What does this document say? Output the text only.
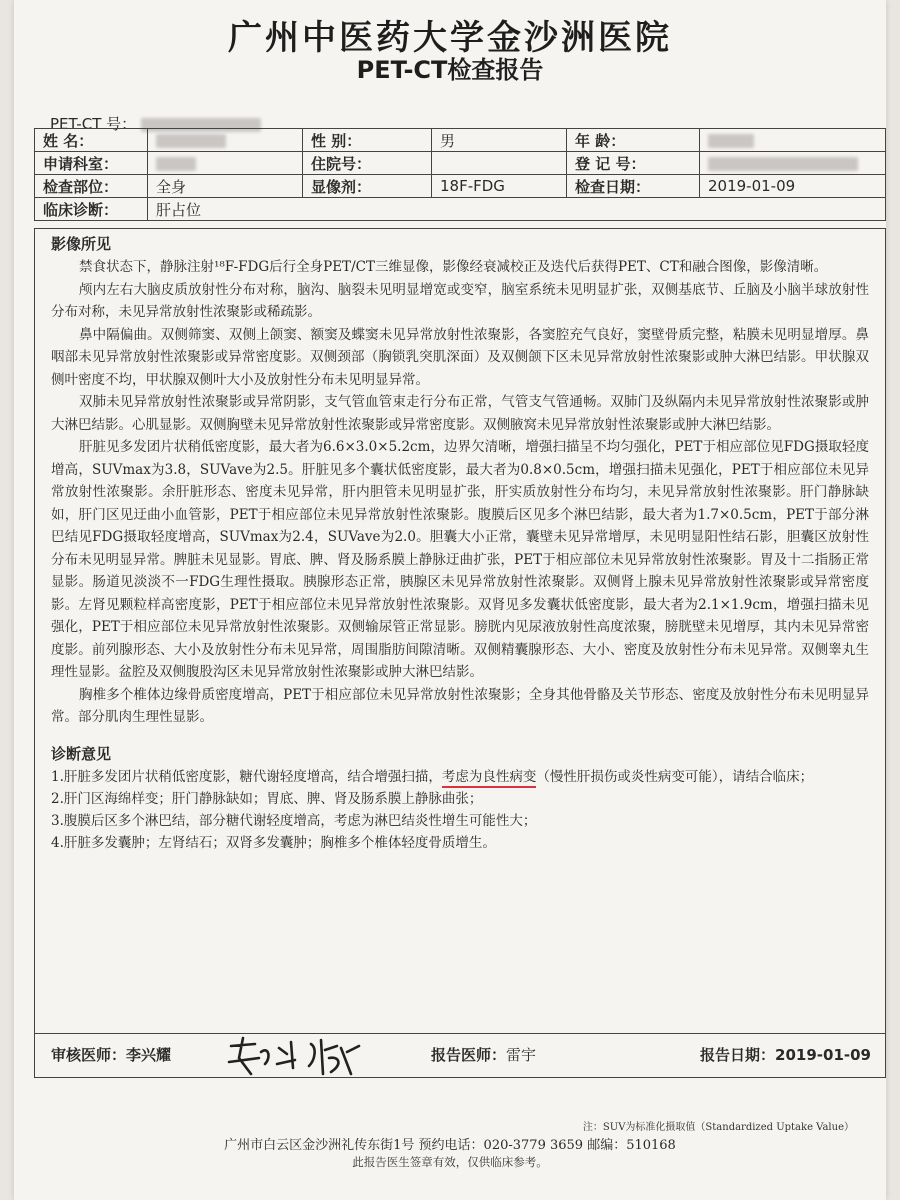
广州中医药大学金沙洲医院
PET-CT检查报告
PET-CT 号：
姓 名：		性 别：	男	年 龄：	
申请科室：		住院号：		登 记 号：	
检查部位：	全身	显像剂：	18F-FDG	检查日期：	2019-01-09
临床诊断：	肝占位				
影像所见

禁食状态下，静脉注射¹⁸F-FDG后行全身PET/CT三维显像，影像经衰减校正及迭代后获得PET、CT和融合图像，影像清晰。

颅内左右大脑皮质放射性分布对称，脑沟、脑裂未见明显增宽或变窄，脑室系统未见明显扩张，双侧基底节、丘脑及小脑半球放射性分布对称，未见异常放射性浓聚影或稀疏影。

鼻中隔偏曲。双侧筛窦、双侧上颌窦、额窦及蝶窦未见异常放射性浓聚影，各窦腔充气良好，窦壁骨质完整，粘膜未见明显增厚。鼻咽部未见异常放射性浓聚影或异常密度影。双侧颈部（胸锁乳突肌深面）及双侧颌下区未见异常放射性浓聚影或肿大淋巴结影。甲状腺双侧叶密度不均，甲状腺双侧叶大小及放射性分布未见明显异常。

双肺未见异常放射性浓聚影或异常阴影，支气管血管束走行分布正常，气管支气管通畅。双肺门及纵隔内未见异常放射性浓聚影或肿大淋巴结影。心肌显影。双侧胸壁未见异常放射性浓聚影或异常密度影。双侧腋窝未见异常放射性浓聚影或肿大淋巴结影。

肝脏见多发团片状稍低密度影，最大者为6.6×3.0×5.2cm，边界欠清晰，增强扫描呈不均匀强化，PET于相应部位见FDG摄取轻度增高，SUVmax为3.8，SUVave为2.5。肝脏见多个囊状低密度影，最大者为0.8×0.5cm，增强扫描未见强化，PET于相应部位未见异常放射性浓聚影。余肝脏形态、密度未见异常，肝内胆管未见明显扩张，肝实质放射性分布均匀，未见异常放射性浓聚影。肝门静脉缺如，肝门区见迂曲小血管影，PET于相应部位未见异常放射性浓聚影。腹膜后区见多个淋巴结影，最大者为1.7×0.5cm，PET于部分淋巴结见FDG摄取轻度增高，SUVmax为2.4，SUVave为2.0。胆囊大小正常，囊壁未见异常增厚，未见明显阳性结石影，胆囊区放射性分布未见明显异常。脾脏未见显影。胃底、脾、肾及肠系膜上静脉迂曲扩张，PET于相应部位未见异常放射性浓聚影。胃及十二指肠正常显影。肠道见淡淡不一FDG生理性摄取。胰腺形态正常，胰腺区未见异常放射性浓聚影。双侧肾上腺未见异常放射性浓聚影或异常密度影。左肾见颗粒样高密度影，PET于相应部位未见异常放射性浓聚影。双肾见多发囊状低密度影，最大者为2.1×1.9cm，增强扫描未见强化，PET于相应部位未见异常放射性浓聚影。双侧输尿管正常显影。膀胱内见尿液放射性高度浓聚，膀胱壁未见增厚，其内未见异常密度影。前列腺形态、大小及放射性分布未见异常，周围脂肪间隙清晰。双侧精囊腺形态、大小、密度及放射性分布未见异常。双侧睾丸生理性显影。盆腔及双侧腹股沟区未见异常放射性浓聚影或肿大淋巴结影。

胸椎多个椎体边缘骨质密度增高，PET于相应部位未见异常放射性浓聚影；全身其他骨骼及关节形态、密度及放射性分布未见明显异常。部分肌肉生理性显影。

诊断意见

1.肝脏多发团片状稍低密度影，糖代谢轻度增高，结合增强扫描，考虑为良性病变（慢性肝损伤或炎性病变可能），请结合临床；

2.肝门区海绵样变；肝门静脉缺如；胃底、脾、肾及肠系膜上静脉曲张；

3.腹膜后区多个淋巴结，部分糖代谢轻度增高，考虑为淋巴结炎性增生可能性大；

4.肝脏多发囊肿；左肾结石；双肾多发囊肿；胸椎多个椎体轻度骨质增生。

审核医师：李兴耀	报告医师：雷宇	报告日期：2019-01-09
注：SUV为标准化摄取值（Standardized Uptake Value）
广州市白云区金沙洲礼传东街1号 预约电话：020-3779 3659 邮编：510168
此报告医生签章有效，仅供临床参考。
